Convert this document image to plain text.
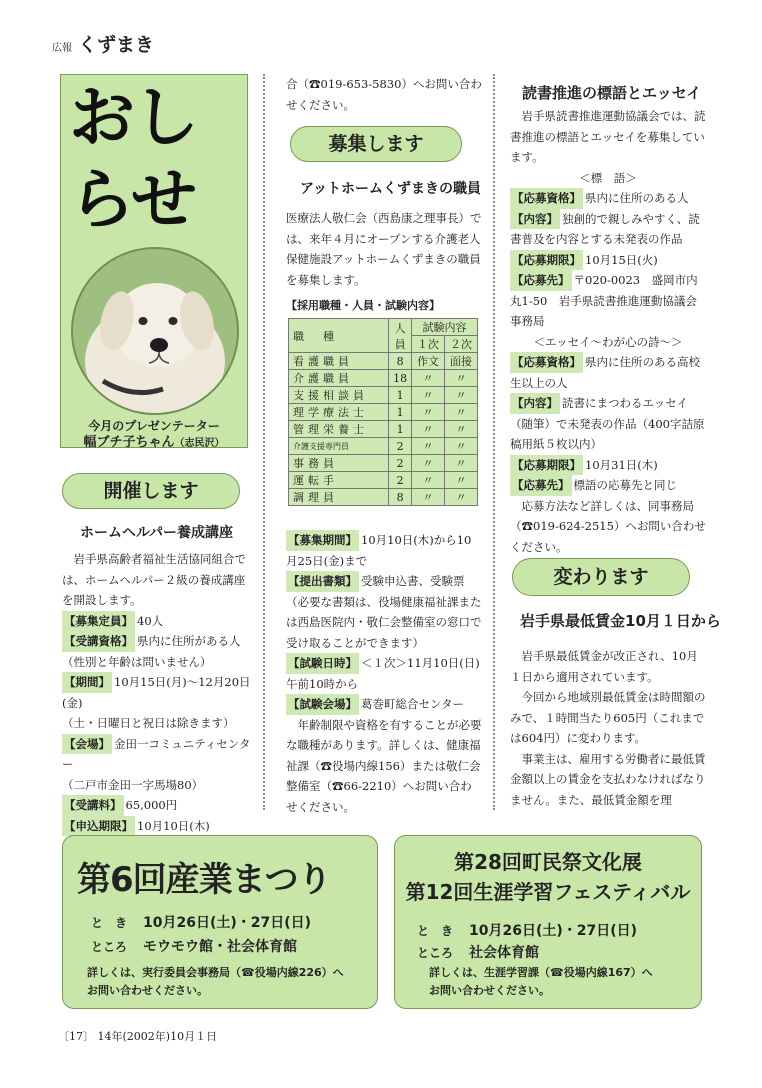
広報 くずまき
おし
らせ
今月のプレゼンテーター
幅ブチ子ちゃん（志民沢）
開催します
ホームヘルパー養成講座

岩手県高齢者福祉生活協同組合では、ホームヘルパー２級の養成講座を開設します。

【募集定員】 40人

【受講資格】 県内に住所がある人

（性別と年齢は問いません）

【期間】 10月15日(月)～12月20日(金)

（土・日曜日と祝日は除きます）

【会場】 金田一コミュニティセンター

（二戸市金田一字馬場80）

【受講料】 65,000円

【申込期限】 10月10日(木)

合（☎019-653-5830）へお問い合わ

せください。

募集します
アットホームくずまきの職員
医療法人敬仁会（西島康之理事長）では、来年４月にオープンする介護老人保健施設アットホームくずまきの職員を募集します。
【採用職種・人員・試験内容】
職　種	人員	試験内容	
		１次	２次
看護職員	8	作文	面接
介護職員	18	〃	〃
支援相談員	1	〃	〃
理学療法士	1	〃	〃
管理栄養士	1	〃	〃
介護支援専門員	2	〃	〃
事務員	2	〃	〃
運転手	2	〃	〃
調理員	8	〃	〃

【募集期間】 10月10日(木)から10月25日(金)まで

【提出書類】 受験申込書、受験票（必要な書類は、役場健康福祉課または西島医院内・敬仁会整備室の窓口で受け取ることができます）

【試験日時】 ＜１次＞11月10日(日)午前10時から

【試験会場】 葛巻町総合センター

年齢制限や資格を有することが必要な職種があります。詳しくは、健康福祉課（☎役場内線156）または敬仁会整備室（☎66-2210）へお問い合わせください。

読書推進の標語とエッセイ

岩手県読書推進運動協議会では、読書推進の標語とエッセイを募集しています。

＜標　語＞

【応募資格】 県内に住所のある人

【内容】 独創的で親しみやすく、読書普及を内容とする未発表の作品

【応募期限】 10月15日(火)

【応募先】 〒020-0023　盛岡市内丸1-50　岩手県読書推進運動協議会事務局

＜エッセイ～わが心の詩～＞

【応募資格】 県内に住所のある高校生以上の人

【内容】 読書にまつわるエッセイ（随筆）で未発表の作品（400字詰原稿用紙５枚以内）

【応募期限】 10月31日(木)

【応募先】 標語の応募先と同じ

応募方法など詳しくは、同事務局（☎019-624-2515）へお問い合わせください。

変わります
岩手県最低賃金10月１日から

岩手県最低賃金が改正され、10月１日から適用されています。

今回から地域別最低賃金は時間額のみで、１時間当たり605円（これまでは604円）に変わります。

事業主は、雇用する労働者に最低賃金額以上の賃金を支払わなければなりません。また、最低賃金額を理

第6回産業まつり
と　き 10月26日(土)・27日(日)
ところ モウモウ館・社会体育館
詳しくは、実行委員会事務局（☎役場内線226）へ
お問い合わせください。
第28回町民祭文化展
第12回生涯学習フェスティバル
と　き 10月26日(土)・27日(日)
ところ 社会体育館
詳しくは、生涯学習課（☎役場内線167）へ
お問い合わせください。
〔17〕 14年(2002年)10月１日
